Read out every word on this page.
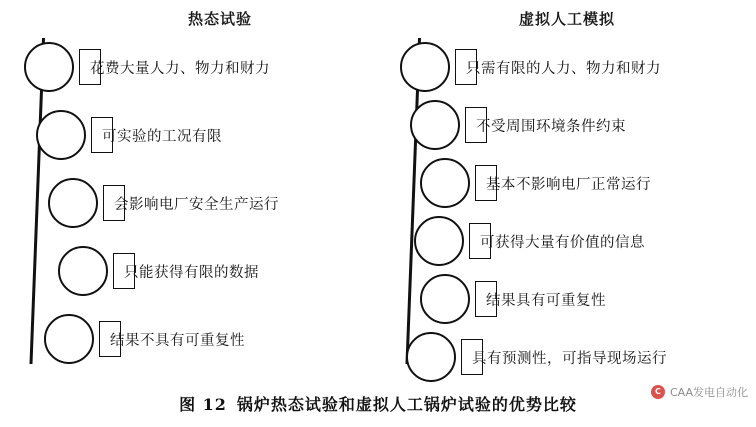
热态试验	虚拟人工模拟
花费大量人力、物力和财力
可实验的工况有限
会影响电厂安全生产运行
只能获得有限的数据
结果不具有可重复性
只需有限的人力、物力和财力
不受周围环境条件约束
基本不影响电厂正常运行
可获得大量有价值的信息
结果具有可重复性
具有预测性，可指导现场运行
图 12 锅炉热态试验和虚拟人工锅炉试验的优势比较
C CAA发电自动化
